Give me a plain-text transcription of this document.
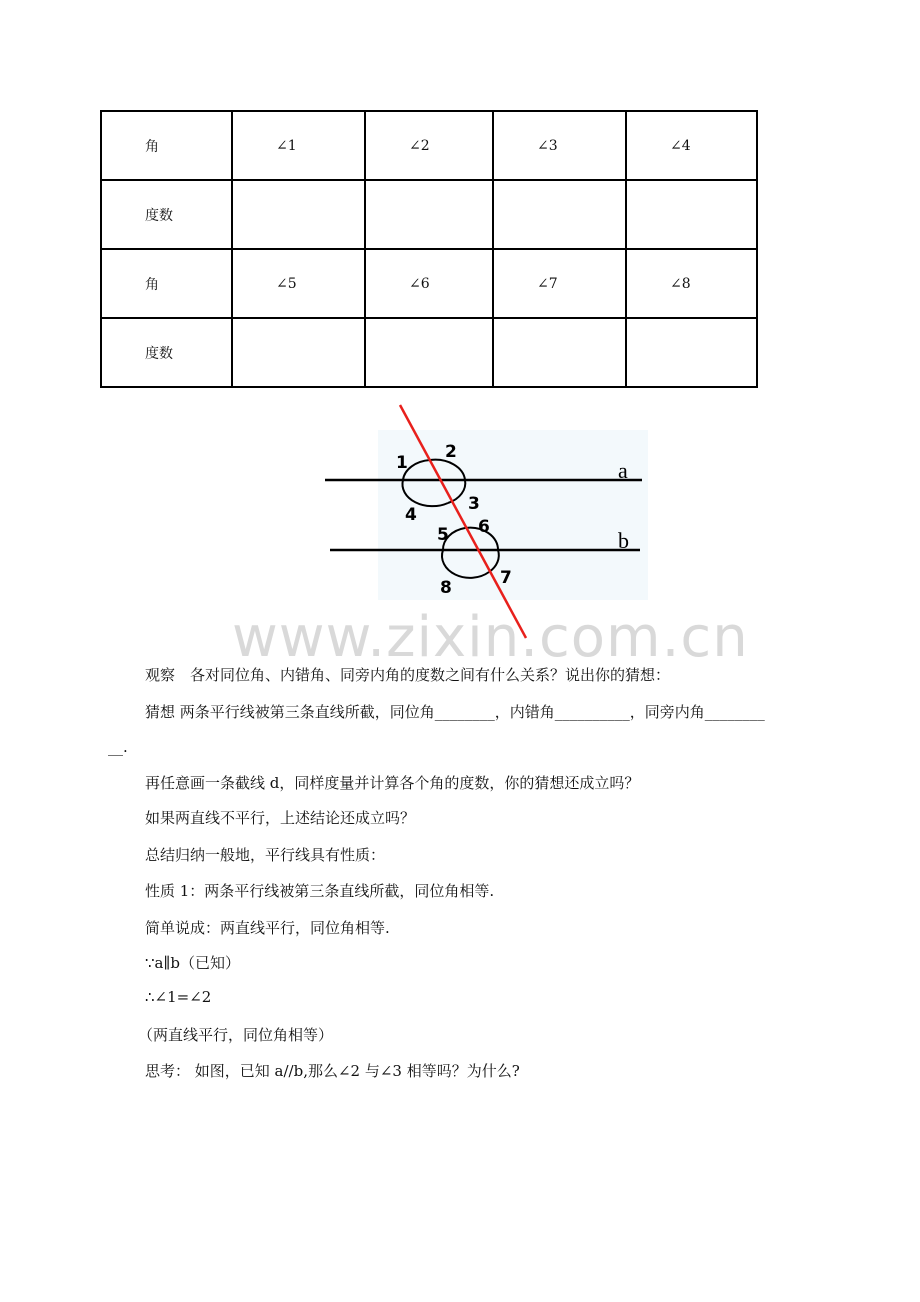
角	∠1	∠2	∠3	∠4
度数				
角	∠5	∠6	∠7	∠8
度数				
a
b
1
2
3
4
5 6
7
8
www.zixin.com.cn
观察　各对同位角、内错角、同旁内角的度数之间有什么关系？说出你的猜想：
猜想 两条平行线被第三条直线所截，同位角________，内错角__________，同旁内角________
__.
再任意画一条截线 d，同样度量并计算各个角的度数，你的猜想还成立吗？
如果两直线不平行，上述结论还成立吗？
总结归纳一般地，平行线具有性质：
性质 1：两条平行线被第三条直线所截，同位角相等.
简单说成：两直线平行，同位角相等.
∵a∥b（已知）
∴∠1=∠2
（两直线平行，同位角相等）
思考： 如图，已知 a//b,那么∠2 与∠3 相等吗？为什么?
